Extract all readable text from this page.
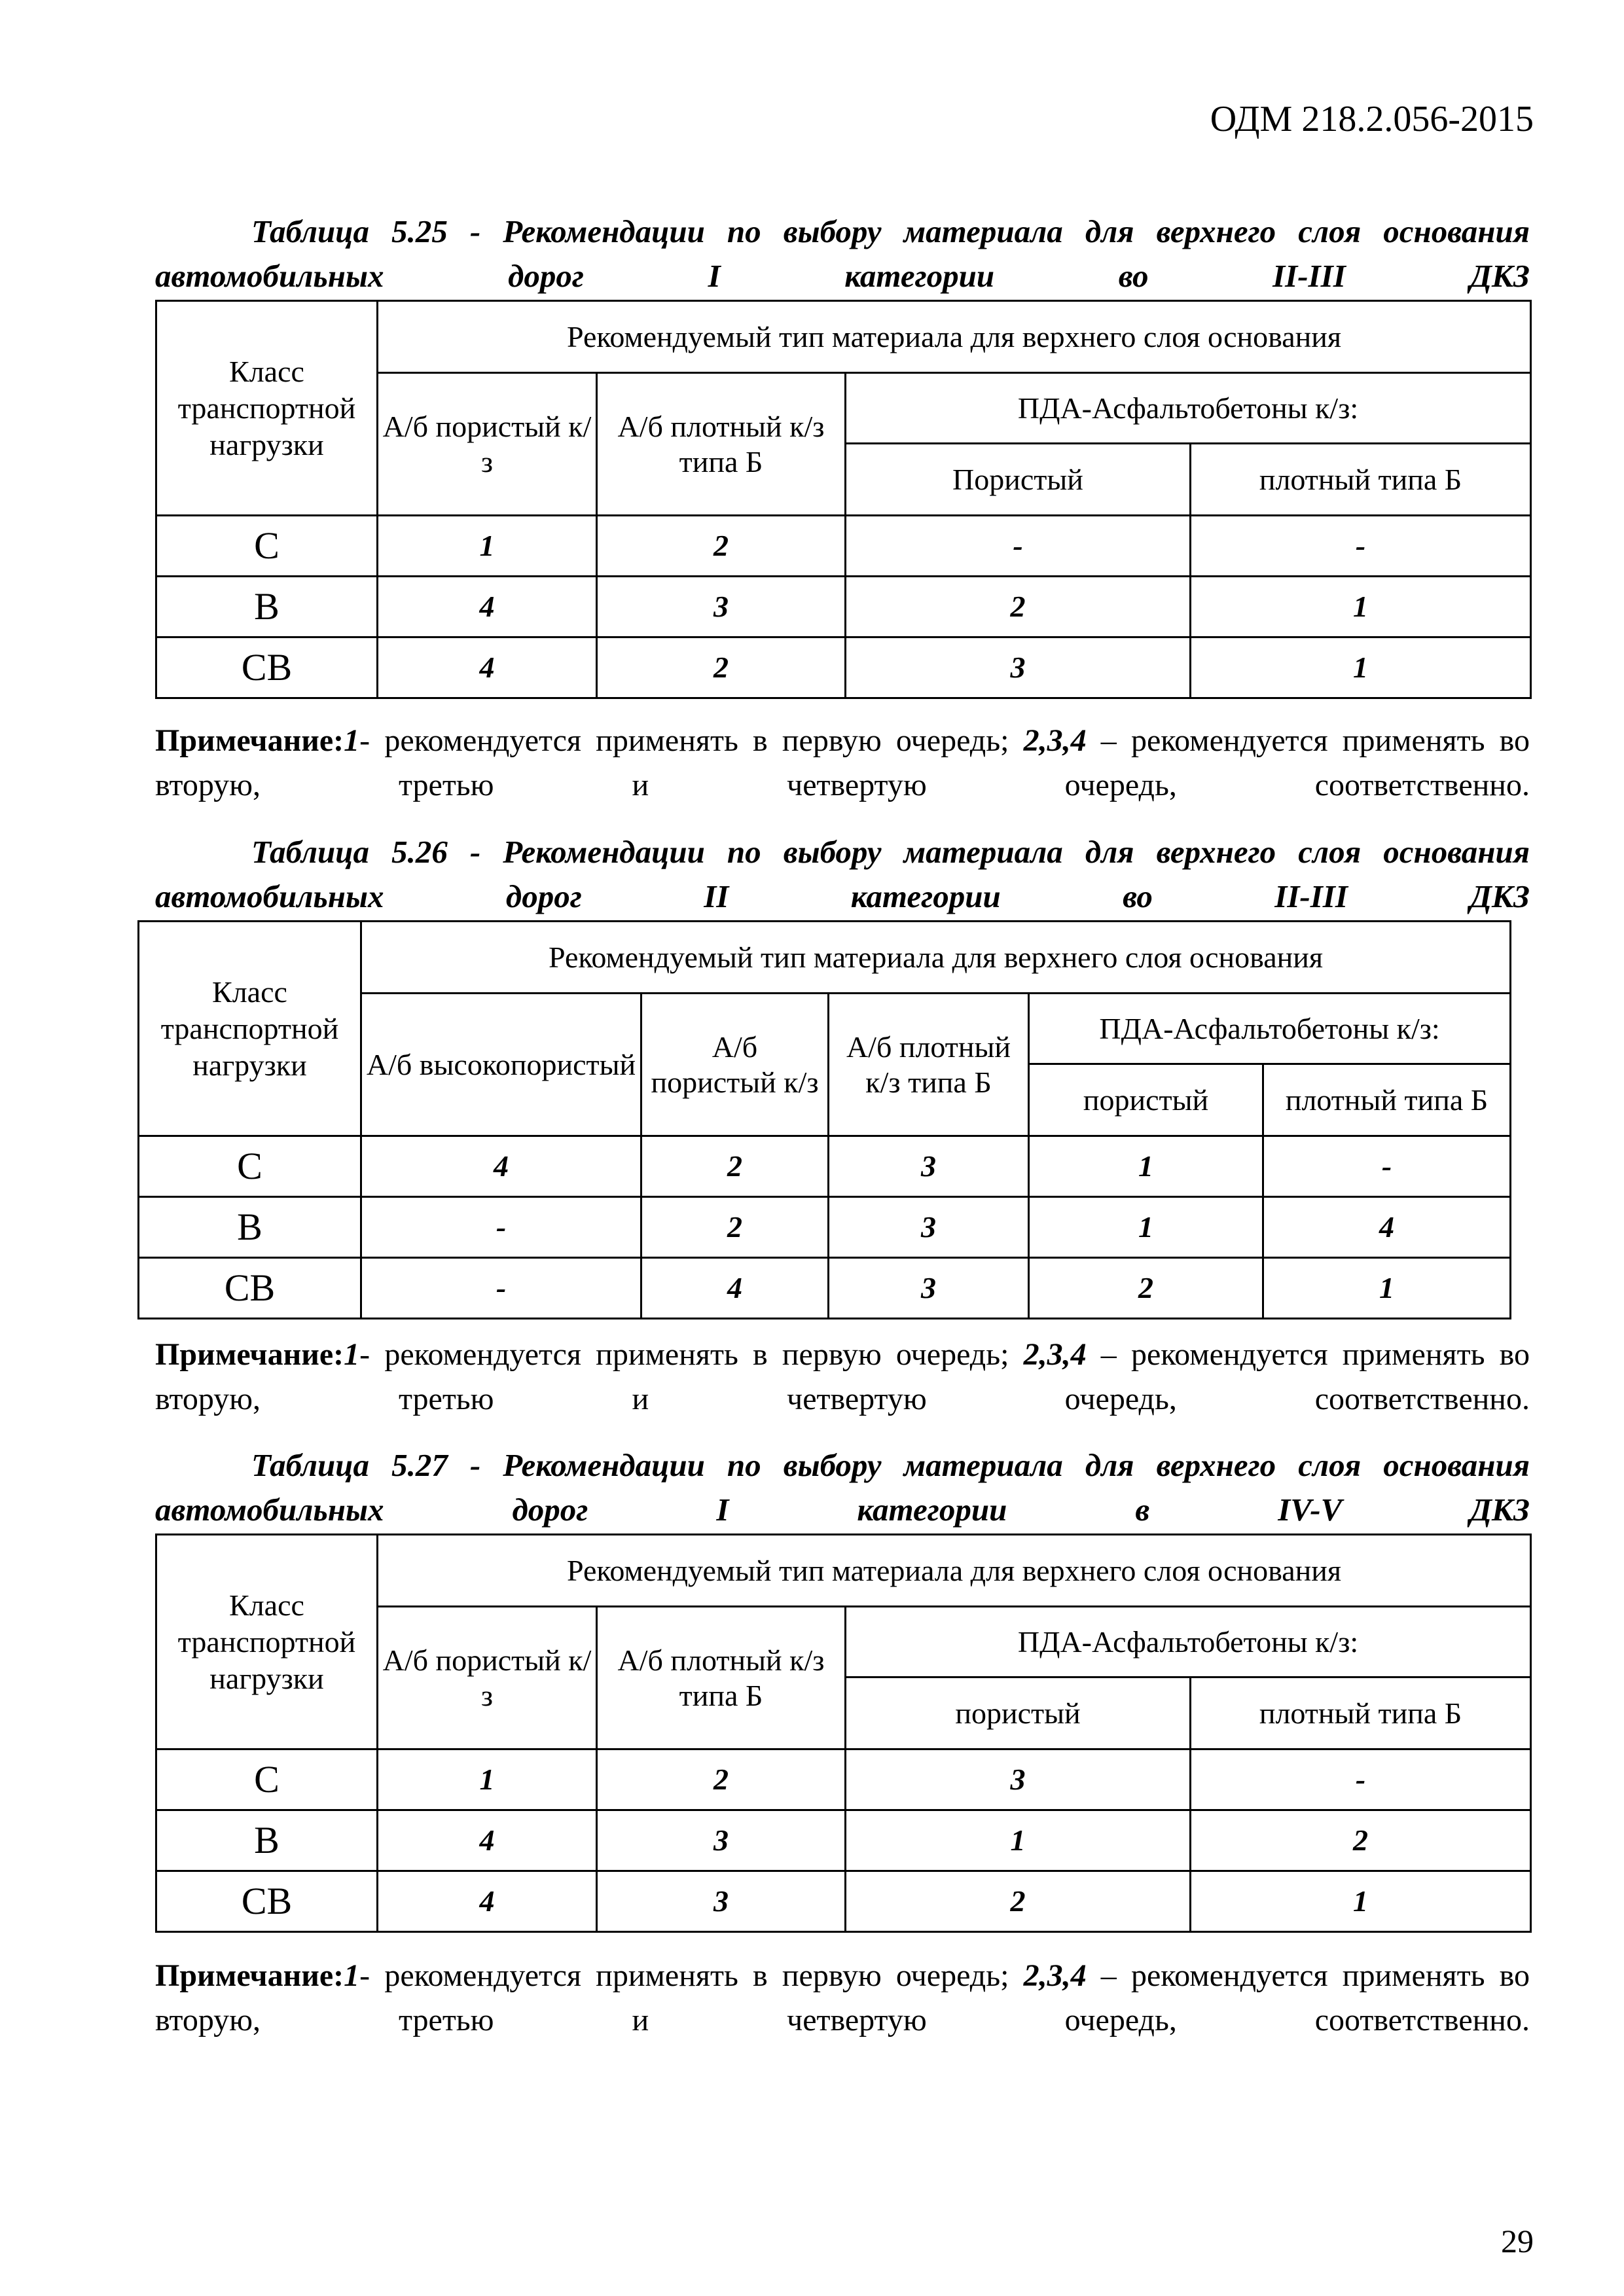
ОДМ 218.2.056-2015
Таблица 5.25 - Рекомендации по выбору материала для верхнего слоя основания автомобильных дорог I категории во II-III ДКЗ
Класс транспортной нагрузки	Рекомендуемый тип материала для верхнего слоя основания			
	А/б пористый к/з	А/б плотный к/з типа Б	ПДА-Асфальтобетоны к/з:	
			Пористый	плотный типа Б
С	1	2	-	-
В	4	3	2	1
СВ	4	2	3	1
Примечание:1- рекомендуется применять в первую очередь; 2,3,4 – рекомендуется применять во вторую, третью и четвертую очередь, соответственно.
Таблица 5.26 - Рекомендации по выбору материала для верхнего слоя основания автомобильных дорог II категории во II-III ДКЗ
Класс транспортной нагрузки	Рекомендуемый тип материала для верхнего слоя основания				
	А/б высокопористый	А/б пористый к/з	А/б плотный к/з типа Б	ПДА-Асфальтобетоны к/з:	
				пористый	плотный типа Б
С	4	2	3	1	-
В	-	2	3	1	4
СВ	-	4	3	2	1
Примечание:1- рекомендуется применять в первую очередь; 2,3,4 – рекомендуется применять во вторую, третью и четвертую очередь, соответственно.
Таблица 5.27 - Рекомендации по выбору материала для верхнего слоя основания автомобильных дорог I категории в IV-V ДКЗ
Класс транспортной нагрузки	Рекомендуемый тип материала для верхнего слоя основания			
	А/б пористый к/з	А/б плотный к/з типа Б	ПДА-Асфальтобетоны к/з:	
			пористый	плотный типа Б
С	1	2	3	-
В	4	3	1	2
СВ	4	3	2	1
Примечание:1- рекомендуется применять в первую очередь; 2,3,4 – рекомендуется применять во вторую, третью и четвертую очередь, соответственно.
29
